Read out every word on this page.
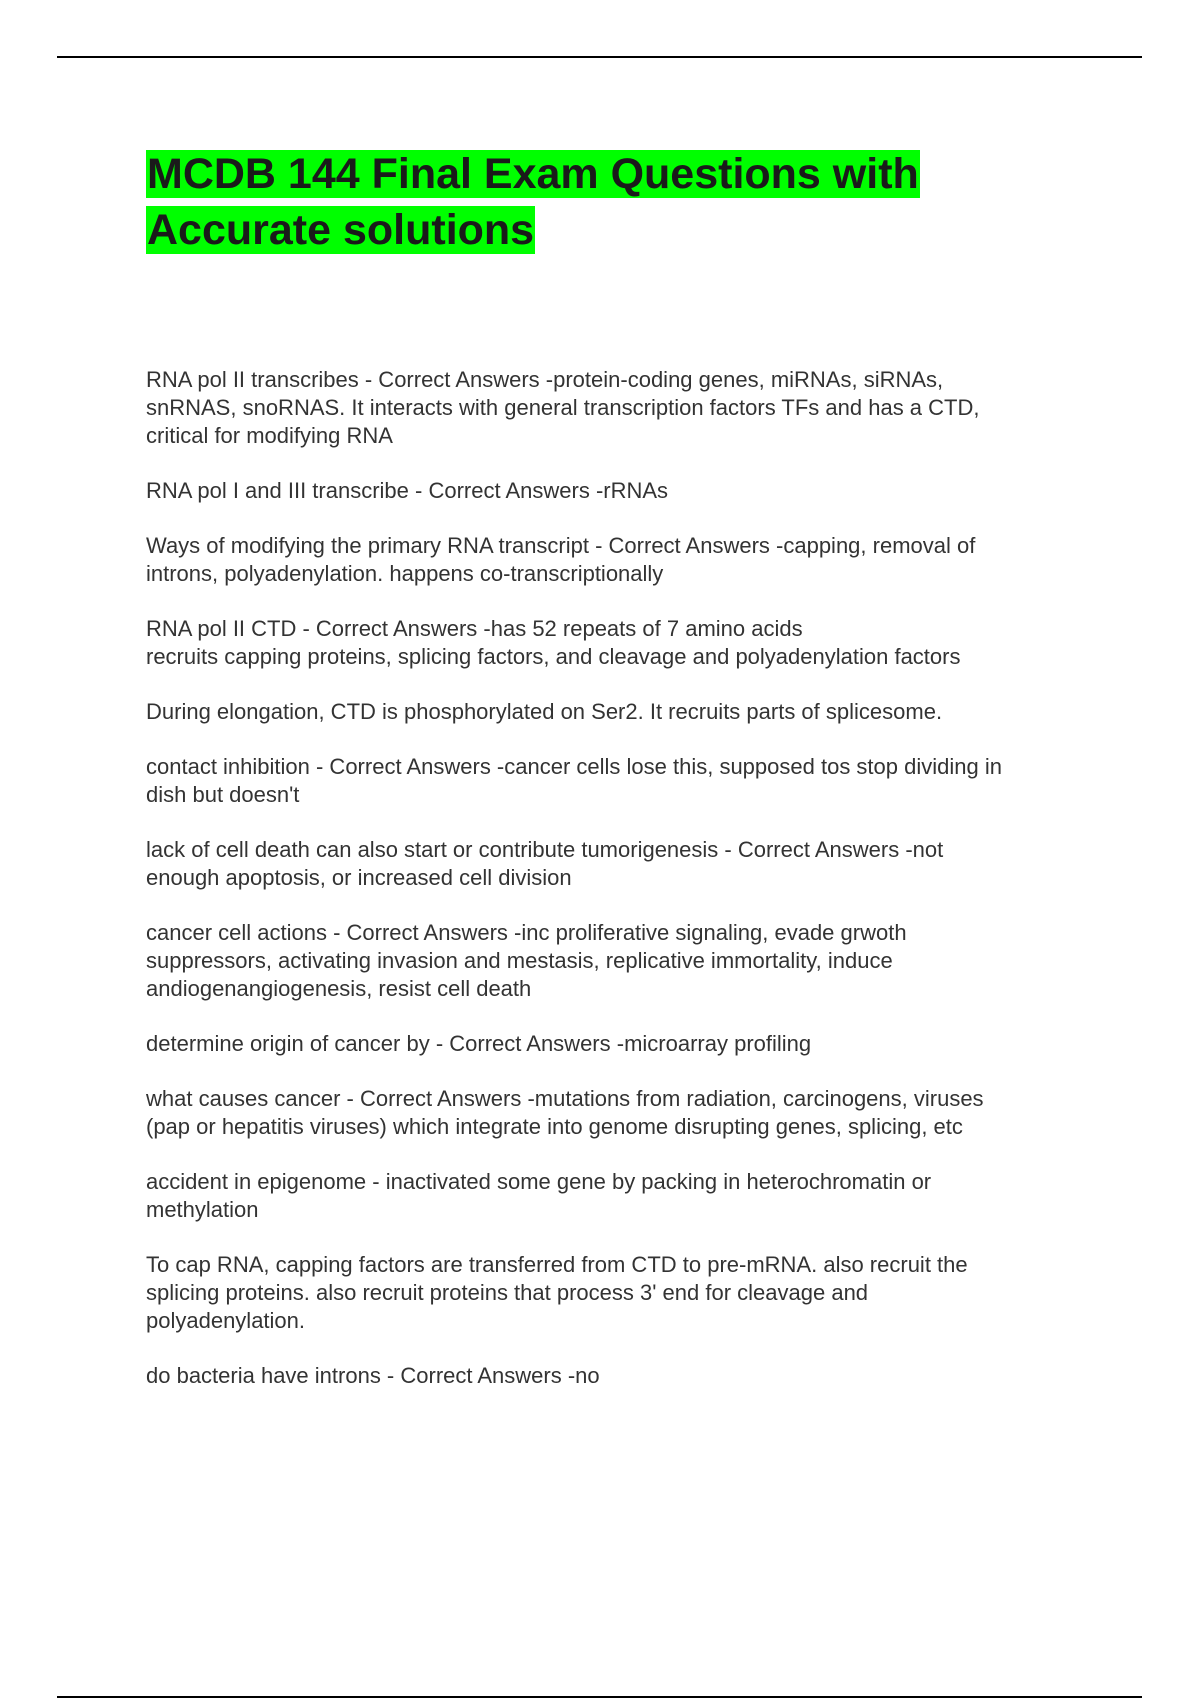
MCDB 144 Final Exam Questions with
Accurate solutions

RNA pol II transcribes - Correct Answers -protein-coding genes, miRNAs, siRNAs,
snRNAS, snoRNAS. It interacts with general transcription factors TFs and has a CTD,
critical for modifying RNA

RNA pol I and III transcribe - Correct Answers -rRNAs

Ways of modifying the primary RNA transcript - Correct Answers -capping, removal of
introns, polyadenylation. happens co-transcriptionally

RNA pol II CTD - Correct Answers -has 52 repeats of 7 amino acids
recruits capping proteins, splicing factors, and cleavage and polyadenylation factors

During elongation, CTD is phosphorylated on Ser2. It recruits parts of splicesome.

contact inhibition - Correct Answers -cancer cells lose this, supposed tos stop dividing in
dish but doesn't

lack of cell death can also start or contribute tumorigenesis - Correct Answers -not
enough apoptosis, or increased cell division

cancer cell actions - Correct Answers -inc proliferative signaling, evade grwoth
suppressors, activating invasion and mestasis, replicative immortality, induce
andiogenangiogenesis, resist cell death

determine origin of cancer by - Correct Answers -microarray profiling

what causes cancer - Correct Answers -mutations from radiation, carcinogens, viruses
(pap or hepatitis viruses) which integrate into genome disrupting genes, splicing, etc

accident in epigenome - inactivated some gene by packing in heterochromatin or
methylation

To cap RNA, capping factors are transferred from CTD to pre-mRNA. also recruit the
splicing proteins. also recruit proteins that process 3' end for cleavage and
polyadenylation.

do bacteria have introns - Correct Answers -no
